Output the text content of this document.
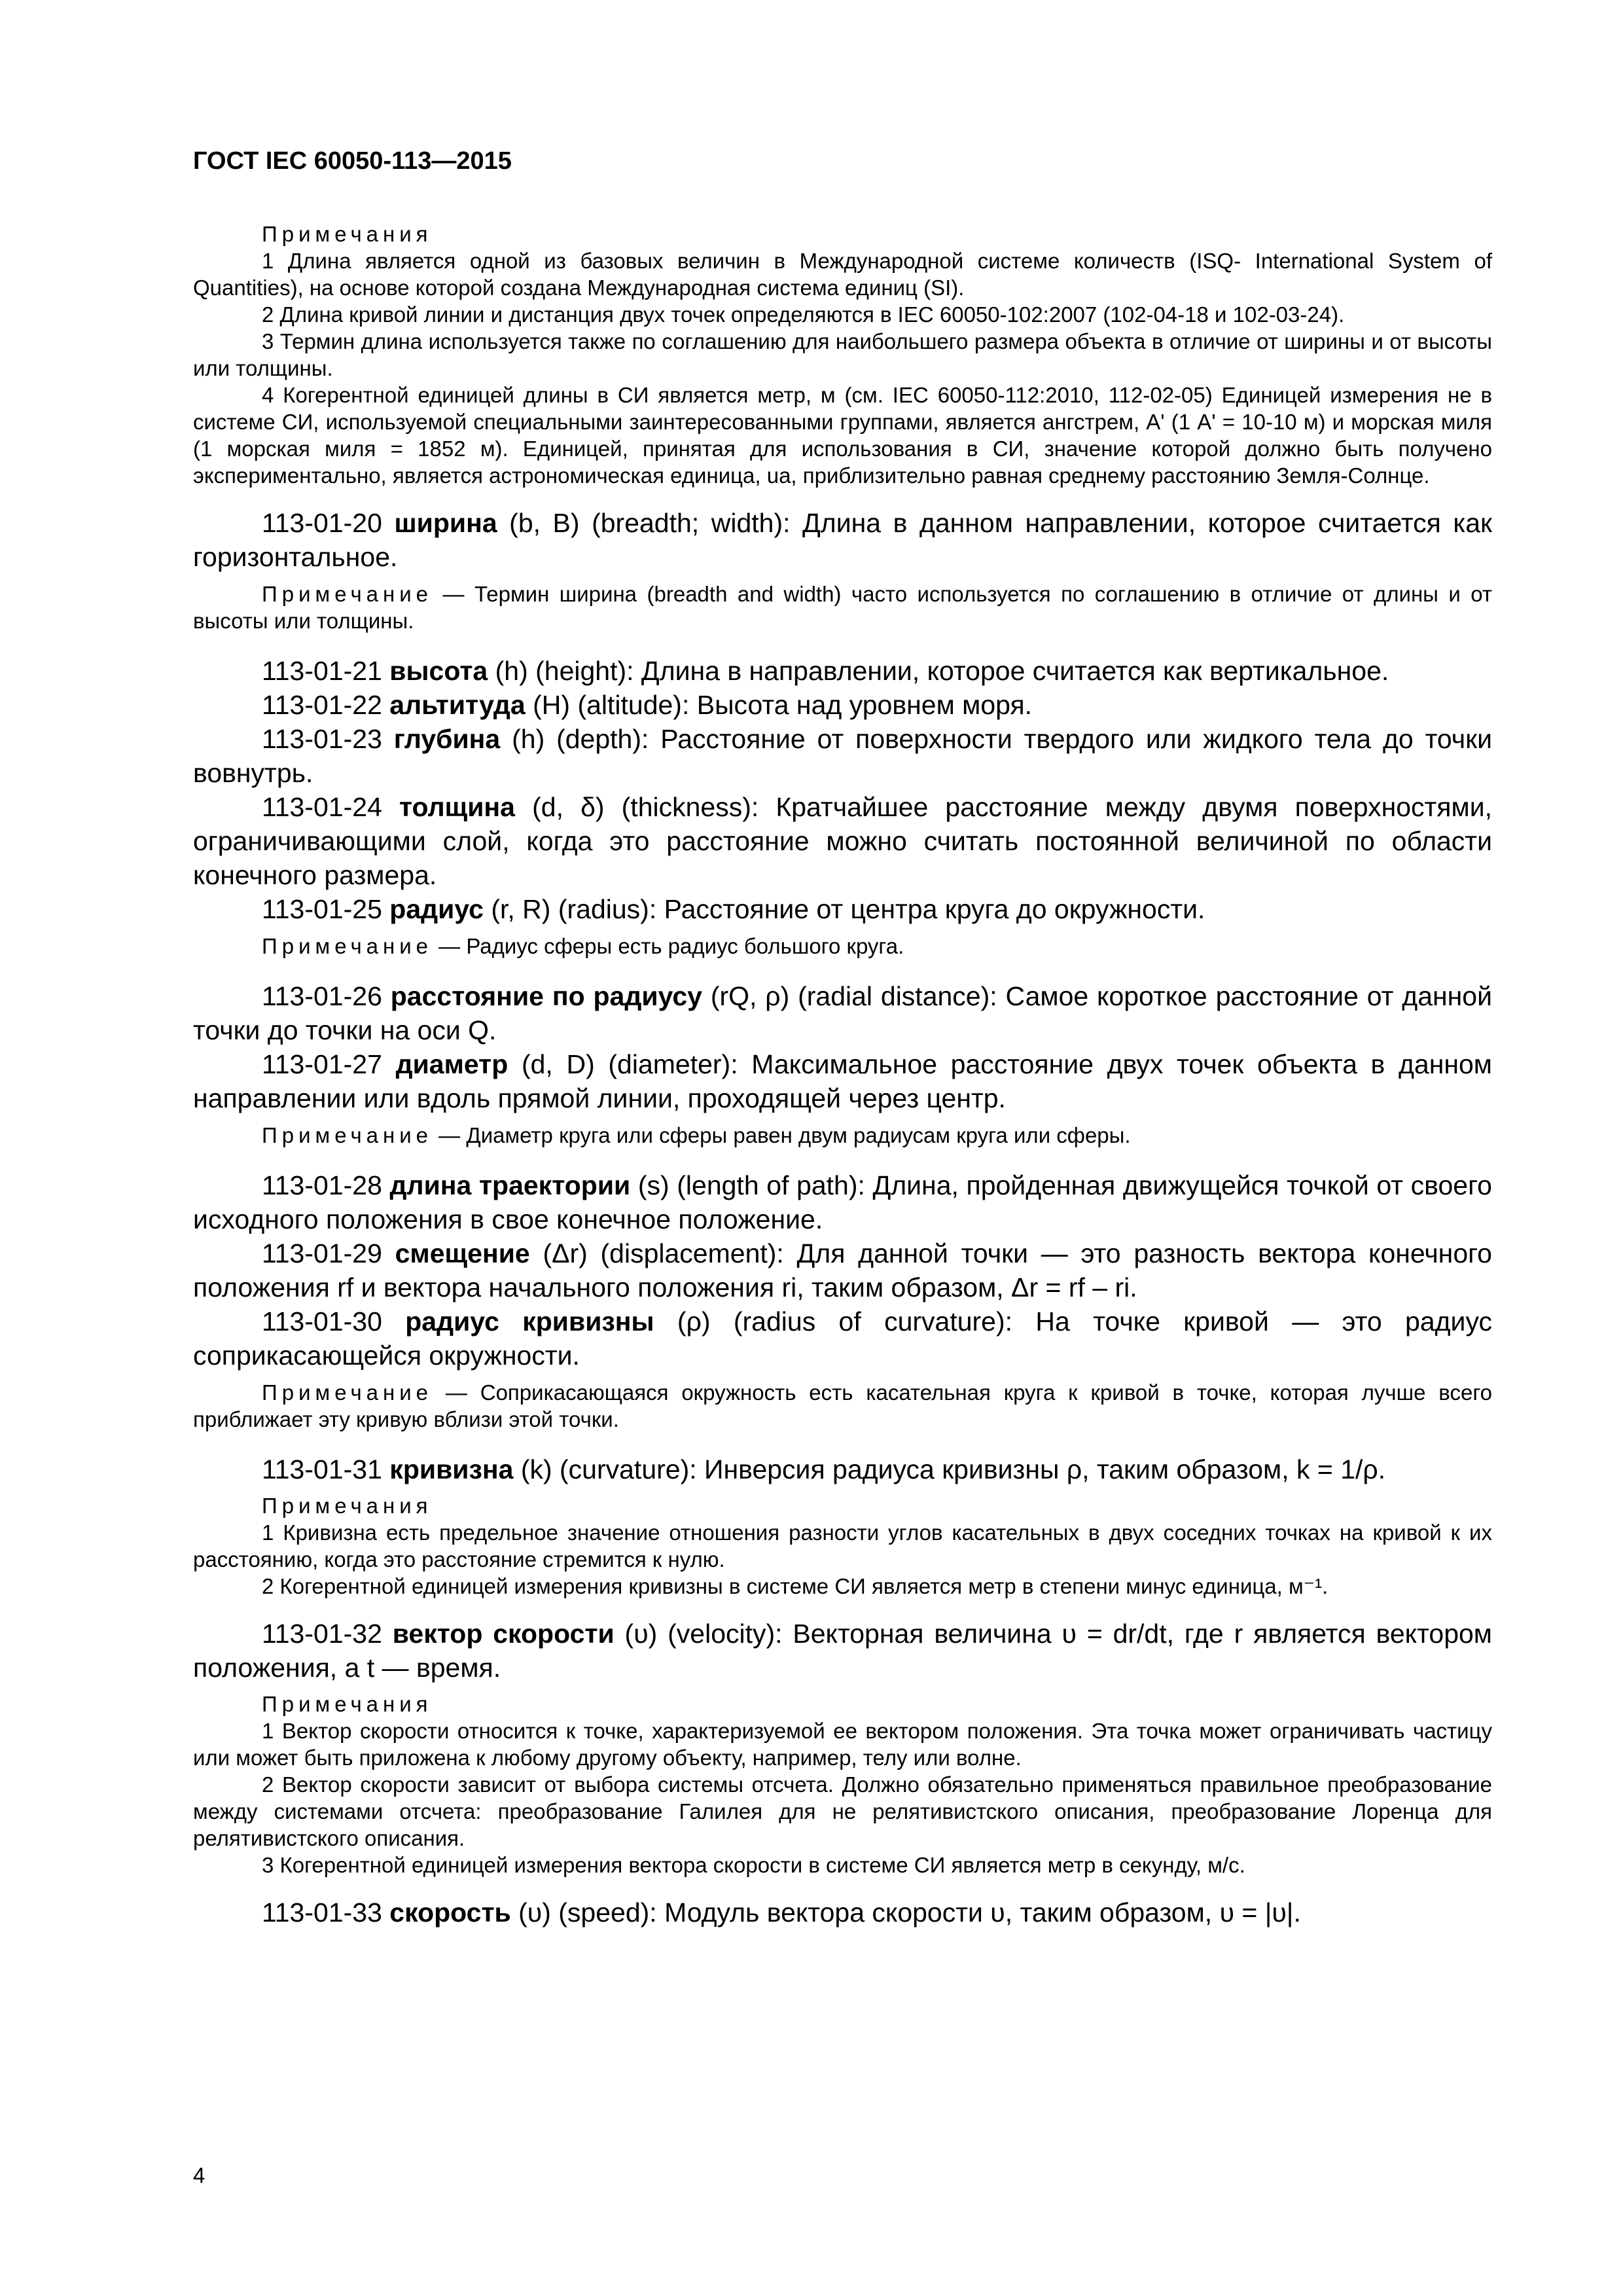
ГОСТ IEC 60050-113—2015
Примечания
1 Длина является одной из базовых величин в Международной системе количеств (ISQ- International System of Quantities), на основе которой создана Международная система единиц (SI).
2 Длина кривой линии и дистанция двух точек определяются в IEC 60050-102:2007 (102-04-18 и 102-03-24).
3 Термин длина используется также по соглашению для наибольшего размера объекта в отличие от ширины и от высоты или толщины.
4 Когерентной единицей длины в СИ является метр, м (см. IEC 60050-112:2010, 112-02-05) Единицей измерения не в системе СИ, используемой специальными заинтересованными группами, является ангстрем, А' (1 А' = 10-10 м) и морская миля (1 морская миля = 1852 м). Единицей, принятая для использования в СИ, значение которой должно быть получено экспериментально, является астрономическая единица, ua, приблизительно равная среднему расстоянию Земля-Солнце.
113-01-20 ширина (b, B) (breadth; width): Длина в данном направлении, которое считается как горизонтальное.
Примечание — Термин ширина (breadth and width) часто используется по соглашению в отличие от длины и от высоты или толщины.
113-01-21 высота (h) (height): Длина в направлении, которое считается как вертикальное.
113-01-22 альтитуда (H) (altitude): Высота над уровнем моря.
113-01-23 глубина (h) (depth): Расстояние от поверхности твердого или жидкого тела до точки вовнутрь.
113-01-24 толщина (d, δ) (thickness): Кратчайшее расстояние между двумя поверхностями, ограничивающими слой, когда это расстояние можно считать постоянной величиной по области конечного размера.
113-01-25 радиус (r, R) (radius): Расстояние от центра круга до окружности.
Примечание — Радиус сферы есть радиус большого круга.
113-01-26 расстояние по радиусу (rQ, ρ) (radial distance): Самое короткое расстояние от данной точки до точки на оси Q.
113-01-27 диаметр (d, D) (diameter): Максимальное расстояние двух точек объекта в данном направлении или вдоль прямой линии, проходящей через центр.
Примечание — Диаметр круга или сферы равен двум радиусам круга или сферы.
113-01-28 длина траектории (s) (length of path): Длина, пройденная движущейся точкой от своего исходного положения в свое конечное положение.
113-01-29 смещение (Δr) (displacement): Для данной точки — это разность вектора конечного положения rf и вектора начального положения ri, таким образом, Δr = rf – ri.
113-01-30 радиус кривизны (ρ) (radius of curvature): На точке кривой — это радиус соприкасающейся окружности.
Примечание — Соприкасающаяся окружность есть касательная круга к кривой в точке, которая лучше всего приближает эту кривую вблизи этой точки.
113-01-31 кривизна (k) (curvature): Инверсия радиуса кривизны ρ, таким образом, k = 1/ρ.
Примечания
1 Кривизна есть предельное значение отношения разности углов касательных в двух соседних точках на кривой к их расстоянию, когда это расстояние стремится к нулю.
2 Когерентной единицей измерения кривизны в системе СИ является метр в степени минус единица, м⁻¹.
113-01-32 вектор скорости (υ) (velocity): Векторная величина υ = dr/dt, где r является вектором положения, а t — время.
Примечания
1 Вектор скорости относится к точке, характеризуемой ее вектором положения. Эта точка может ограничивать частицу или может быть приложена к любому другому объекту, например, телу или волне.
2 Вектор скорости зависит от выбора системы отсчета. Должно обязательно применяться правильное преобразование между системами отсчета: преобразование Галилея для не релятивистского описания, преобразование Лоренца для релятивистского описания.
3 Когерентной единицей измерения вектора скорости в системе СИ является метр в секунду, м/с.
113-01-33 скорость (υ) (speed): Модуль вектора скорости υ, таким образом, υ = |υ|.
4
